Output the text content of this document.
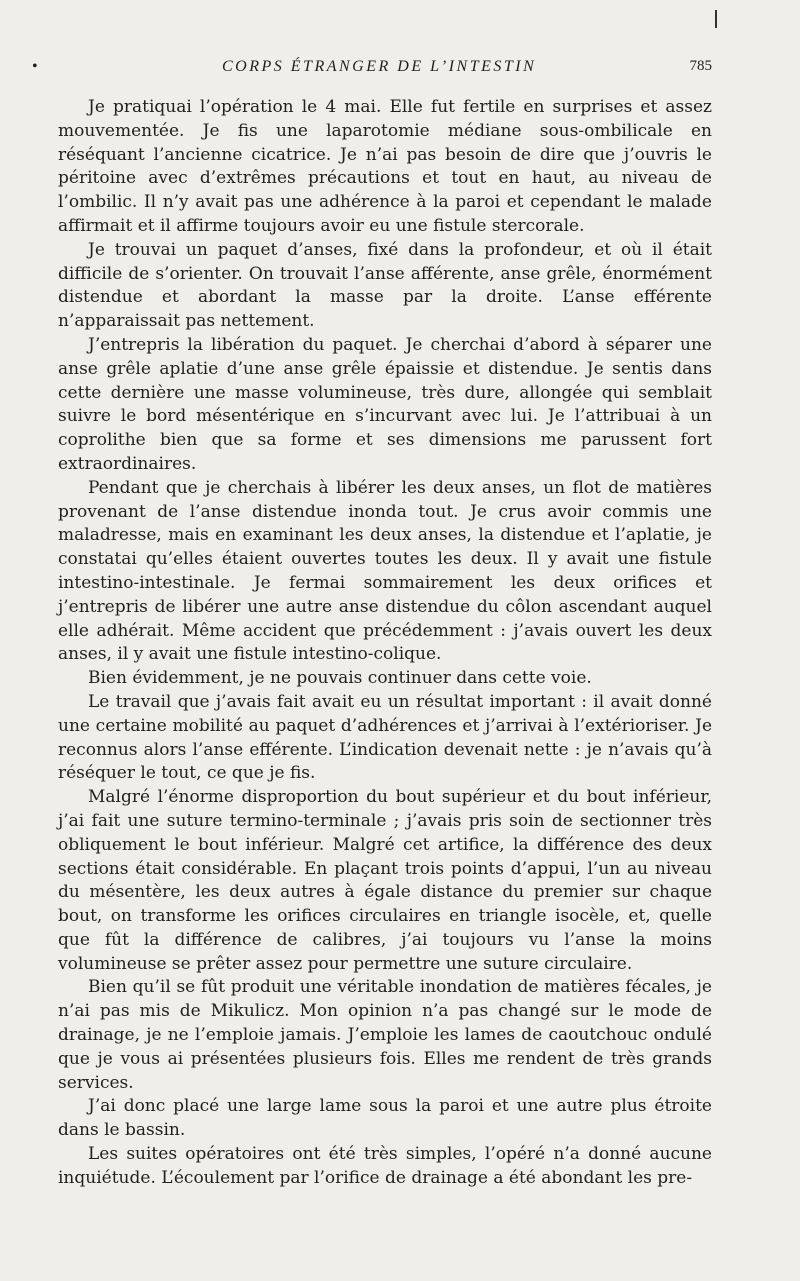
•	CORPS ÉTRANGER DE L’INTESTIN	785

Je pratiquai l’opération le 4 mai. Elle fut fertile en surprises et assez mouvementée. Je fis une laparotomie médiane sous-ombilicale en réséquant l’ancienne cicatrice. Je n’ai pas besoin de dire que j’ouvris le péritoine avec d’extrêmes précautions et tout en haut, au niveau de l’ombilic. Il n’y avait pas une adhérence à la paroi et cependant le malade affirmait et il affirme toujours avoir eu une fistule stercorale.

Je trouvai un paquet d’anses, fixé dans la profondeur, et où il était difficile de s’orienter. On trouvait l’anse afférente, anse grêle, énormément distendue et abordant la masse par la droite. L’anse efférente n’apparaissait pas nettement.

J’entrepris la libération du paquet. Je cherchai d’abord à séparer une anse grêle aplatie d’une anse grêle épaissie et distendue. Je sentis dans cette dernière une masse volumineuse, très dure, allongée qui semblait suivre le bord mésentérique en s’incurvant avec lui. Je l’attribuai à un coprolithe bien que sa forme et ses dimensions me parussent fort extraordinaires.

Pendant que je cherchais à libérer les deux anses, un flot de matières provenant de l’anse distendue inonda tout. Je crus avoir commis une maladresse, mais en examinant les deux anses, la distendue et l’aplatie, je constatai qu’elles étaient ouvertes toutes les deux. Il y avait une fistule intestino-intestinale. Je fermai sommairement les deux orifices et j’entrepris de libérer une autre anse distendue du côlon ascendant auquel elle adhérait. Même accident que précédemment : j’avais ouvert les deux anses, il y avait une fistule intestino-colique.

Bien évidemment, je ne pouvais continuer dans cette voie.

Le travail que j’avais fait avait eu un résultat important : il avait donné une certaine mobilité au paquet d’adhérences et j’arrivai à l’extérioriser. Je reconnus alors l’anse efférente. L’indication devenait nette : je n’avais qu’à réséquer le tout, ce que je fis.

Malgré l’énorme disproportion du bout supérieur et du bout inférieur, j’ai fait une suture termino-terminale ; j’avais pris soin de sectionner très obliquement le bout inférieur. Malgré cet artifice, la différence des deux sections était considérable. En plaçant trois points d’appui, l’un au niveau du mésentère, les deux autres à égale distance du premier sur chaque bout, on transforme les orifices circulaires en triangle isocèle, et, quelle que fût la différence de calibres, j’ai toujours vu l’anse la moins volumineuse se prêter assez pour permettre une suture circulaire.

Bien qu’il se fût produit une véritable inondation de matières fécales, je n’ai pas mis de Mikulicz. Mon opinion n’a pas changé sur le mode de drainage, je ne l’emploie jamais. J’emploie les lames de caoutchouc ondulé que je vous ai présentées plusieurs fois. Elles me rendent de très grands services.

J’ai donc placé une large lame sous la paroi et une autre plus étroite dans le bassin.

Les suites opératoires ont été très simples, l’opéré n’a donné aucune inquiétude. L’écoulement par l’orifice de drainage a été abondant les pre-
